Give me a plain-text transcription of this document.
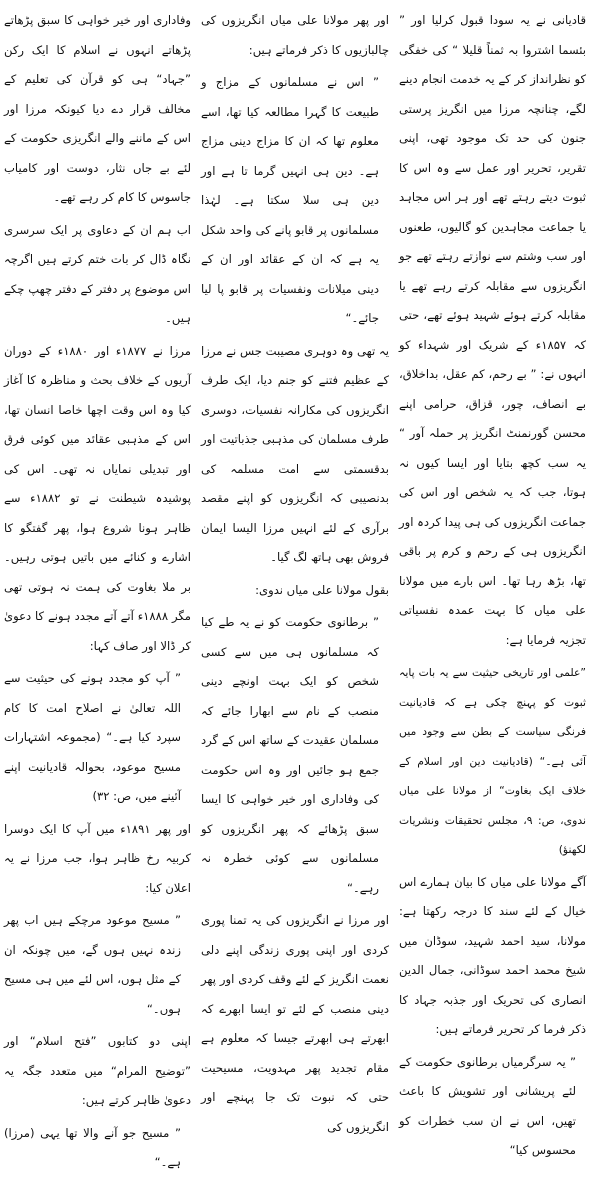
قادیانی نے یہ سودا قبول کرلیا اور ” بئسما اشتروا بہ ثمناً قلیلا “ کی خفگی کو نظرانداز کر کے یہ خدمت انجام دینے لگے، چنانچہ مرزا میں انگریز پرستی جنون کی حد تک موجود تھی، اپنی تقریر، تحریر اور عمل سے وہ اس کا ثبوت دیتے رہتے تھے اور ہر اس مجاہد یا جماعت مجاہدین کو گالیوں، طعنوں اور سب وشتم سے نوازتے رہتے تھے جو انگریزوں سے مقابلہ کرتے رہے تھے یا مقابلہ کرتے ہوئے شہید ہوئے تھے، حتی کہ ۱۸۵۷ء کے شریک اور شہداء کو انہوں نے: ” بے رحم، کم عقل، بداخلاق، بے انصاف، چور، قزاق، حرامی اپنے محسن گورنمنٹ انگریز پر حملہ آور “ یہ سب کچھ بتایا اور ایسا کیوں نہ ہوتا، جب کہ یہ شخص اور اس کی جماعت انگریزوں کی ہی پیدا کردہ اور انگریزوں ہی کے رحم و کرم پر باقی تھا، بڑھ رہا تھا۔ اس بارے میں مولانا علی میاں کا بہت عمدہ نفسیاتی تجزیہ فرمایا ہے:

”علمی اور تاریخی حیثیت سے یہ بات پایہ ثبوت کو پہنچ چکی ہے کہ قادیانیت فرنگی سیاست کے بطن سے وجود میں آئی ہے۔“ (قادیانیت دین اور اسلام کے خلاف ایک بغاوت“ از مولانا علی میاں ندوی، ص: ۹، مجلس تحقیقات ونشریات لکھنؤ)

آگے مولانا علی میاں کا بیان ہمارے اس خیال کے لئے سند کا درجہ رکھتا ہے: مولانا، سید احمد شہید، سوڈان میں شیخ محمد احمد سوڈانی، جمال الدین انصاری کی تحریک اور جذبہ جہاد کا ذکر فرما کر تحریر فرماتے ہیں:

” یہ سرگرمیاں برطانوی حکومت کے لئے پریشانی اور تشویش کا باعث تھیں، اس نے ان سب خطرات کو محسوس کیا“

اور پھر مولانا علی میاں انگریزوں کی چالبازیوں کا ذکر فرماتے ہیں:

” اس نے مسلمانوں کے مزاج و طبیعت کا گہرا مطالعہ کیا تھا، اسے معلوم تھا کہ ان کا مزاج دینی مزاج ہے۔ دین ہی انہیں گرما تا ہے اور دین ہی سلا سکتا ہے۔ لہٰذا مسلمانوں پر قابو پانے کی واحد شکل یہ ہے کہ ان کے عقائد اور ان کے دینی میلانات ونفسیات پر قابو پا لیا جائے۔“

یہ تھی وہ دوہری مصیبت جس نے مرزا کے عظیم فتنے کو جنم دیا، ایک طرف انگریزوں کی مکارانہ نفسیات، دوسری طرف مسلمان کی مذہبی جذباتیت اور بدقسمتی سے امت مسلمہ کی بدنصیبی کہ انگریزوں کو اپنے مقصد برآری کے لئے انہیں مرزا الیسا ایمان فروش بھی ہاتھ لگ گیا۔

بقول مولانا علی میاں ندوی:

” برطانوی حکومت کو نے یہ طے کیا کہ مسلمانوں ہی میں سے کسی شخص کو ایک بہت اونچے دینی منصب کے نام سے ابھارا جائے کہ مسلمان عقیدت کے ساتھ اس کے گرد جمع ہو جائیں اور وہ اس حکومت کی وفاداری اور خیر خواہی کا ایسا سبق پڑھائے کہ پھر انگریزوں کو مسلمانوں سے کوئی خطرہ نہ رہے۔“

اور مرزا نے انگریزوں کی یہ تمنا پوری کردی اور اپنی پوری زندگی اپنے دلی نعمت انگریز کے لئے وقف کردی اور پھر دینی منصب کے لئے تو ایسا ابھرے کہ ابھرتے ہی ابھرتے جیسا کہ معلوم ہے مقام تجدید پھر مہدویت، مسیحیت حتی کہ نبوت تک جا پہنچے اور انگریزوں کی

وفاداری اور خیر خواہی کا سبق پڑھاتے پڑھاتے انہوں نے اسلام کا ایک رکن ”جہاد“ ہی کو قرآن کی تعلیم کے مخالف قرار دے دیا کیونکہ مرزا اور اس کے ماننے والے انگریزی حکومت کے لئے بے جاں نثار، دوست اور کامیاب جاسوس کا کام کر رہے تھے۔

اب ہم ان کے دعاوی پر ایک سرسری نگاہ ڈال کر بات ختم کرتے ہیں اگرچہ اس موضوع پر دفتر کے دفتر چھپ چکے ہیں۔

مرزا نے ۱۸۷۷ء اور ۱۸۸۰ء کے دوران آریوں کے خلاف بحث و مناظرہ کا آغاز کیا وہ اس وقت اچھا خاصا انسان تھا، اس کے مذہبی عقائد میں کوئی فرق اور تبدیلی نمایاں نہ تھی۔ اس کی پوشیدہ شیطنت نے تو ۱۸۸۲ء سے ظاہر ہونا شروع ہوا، پھر گفتگو کا اشارے و کنائے میں باتیں ہوتی رہیں۔ بر ملا بغاوت کی ہمت نہ ہوتی تھی مگر ۱۸۸۸ء آتے آتے مجدد ہونے کا دعویٰ کر ڈالا اور صاف کہا:

” آپ کو مجدد ہونے کی حیثیت سے اللہ تعالیٰ نے اصلاح امت کا کام سپرد کیا ہے۔“ (مجموعہ اشتہارات مسیح موعود، بحوالہ قادیانیت اپنے آئینے میں، ص: ۳۲)

اور پھر ۱۸۹۱ء میں آپ کا ایک دوسرا کربیہ رخ ظاہر ہوا، جب مرزا نے یہ اعلان کیا:

” مسیح موعود مرچکے ہیں اب پھر زندہ نہیں ہوں گے، میں چونکہ ان کے مثل ہوں، اس لئے میں ہی مسیح ہوں۔“

اپنی دو کتابوں ”فتح اسلام“ اور ”توضیح المرام“ میں متعدد جگہ یہ دعویٰ ظاہر کرتے ہیں:

” مسیح جو آنے والا تھا یہی (مرزا) ہے۔“
